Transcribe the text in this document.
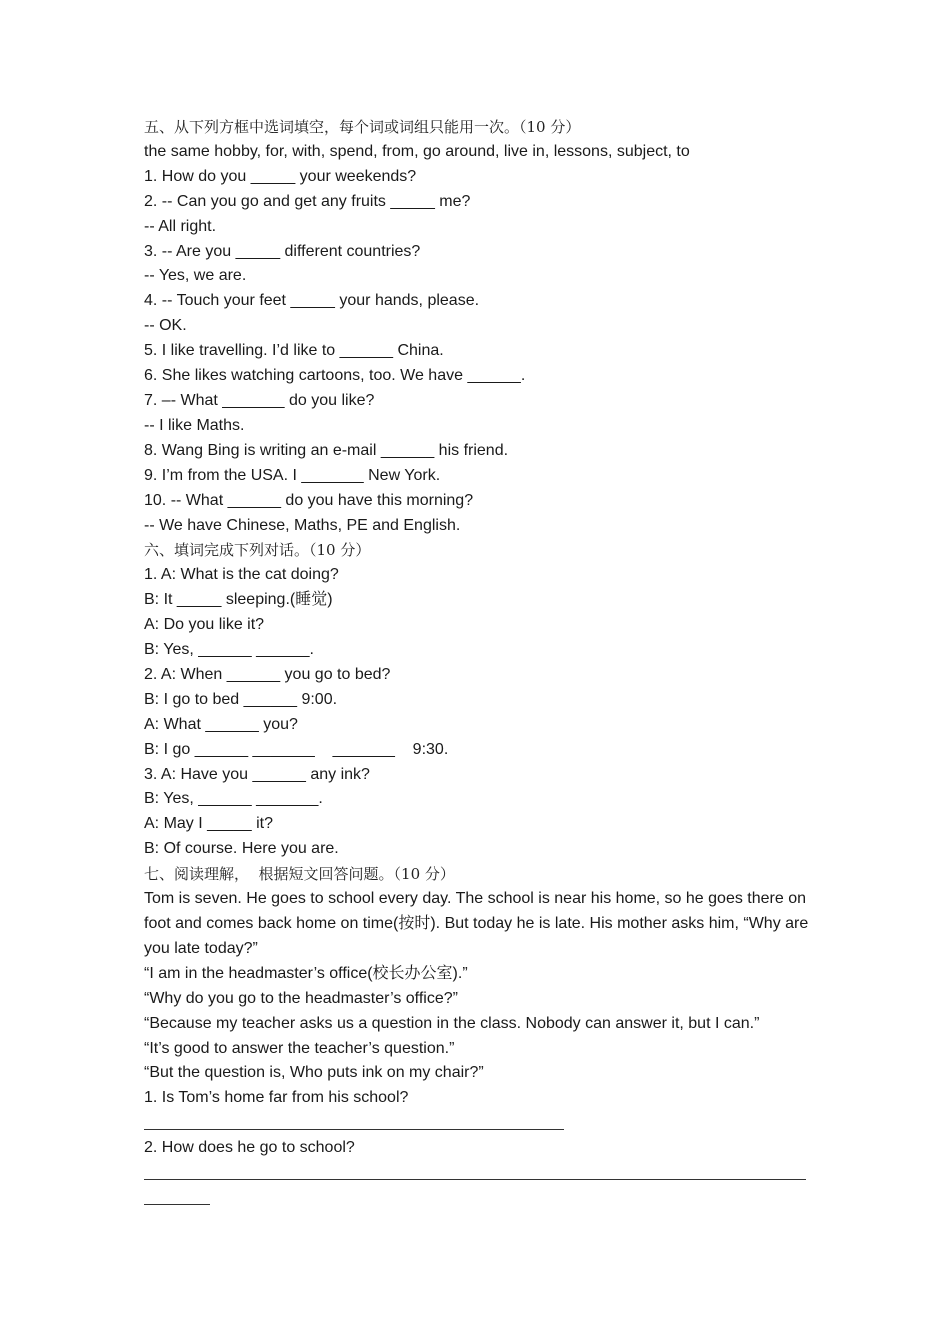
五、从下列方框中选词填空，每个词或词组只能用一次。（10 分）
the same hobby, for, with, spend, from, go around, live in, lessons, subject, to
1. How do you _____ your weekends?
2. -- Can you go and get any fruits _____ me?
-- All right.
3. -- Are you _____ different countries?
-- Yes, we are.
4. -- Touch your feet _____ your hands, please.
-- OK.
5. I like travelling. I’d like to ______ China.
6. She likes watching cartoons, too. We have ______.
7. –- What _______ do you like?
-- I like Maths.
8. Wang Bing is writing an e-mail ______ his friend.
9. I’m from the USA. I _______ New York.
10. -- What ______ do you have this morning?
-- We have Chinese, Maths, PE and English.
六、填词完成下列对话。（10 分）
1. A: What is the cat doing?
B: It _____ sleeping.(睡觉)
A: Do you like it?
B: Yes, ______ ______.
2. A: When ______ you go to bed?
B: I go to bed ______ 9:00.
A: What ______ you?
B: I go ______ _______    _______    9:30.
3. A: Have you ______ any ink?
B: Yes, ______ _______.
A: May I _____ it?
B: Of course. Here you are.
七、阅读理解，  根据短文回答问题。（10 分）
Tom is seven. He goes to school every day. The school is near his home, so he goes there on foot and comes back home on time(按时). But today he is late. His mother asks him, “Why are you late today?”
“I am in the headmaster’s office(校长办公室).”
“Why do you go to the headmaster’s office?”
“Because my teacher asks us a question in the class. Nobody can answer it, but I can.”
“It’s good to answer the teacher’s question.”
“But the question is, Who puts ink on my chair?”
1. Is Tom’s home far from his school?
2. How does he go to school?
